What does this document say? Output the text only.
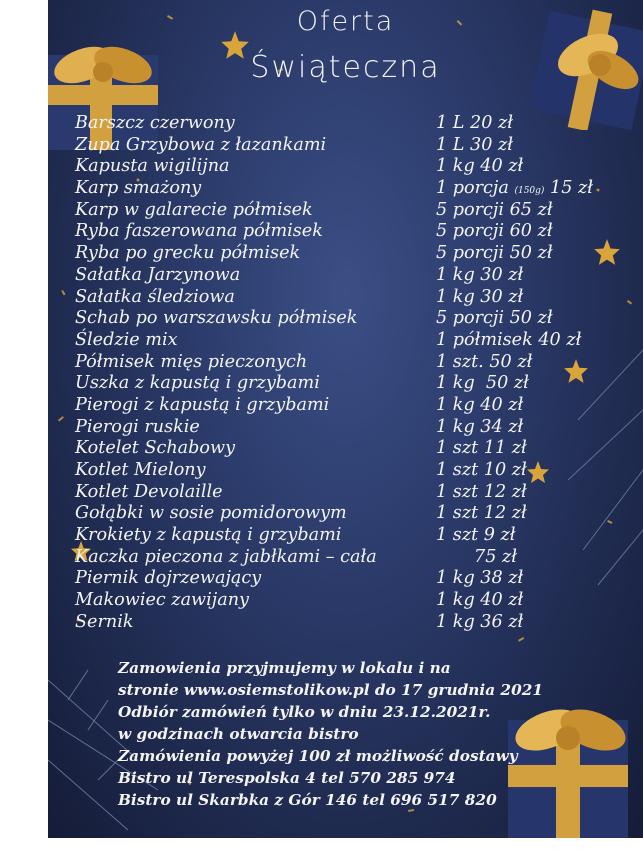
Oferta
Świąteczna
Barszcz czerwony	1 L 20 zł
Zupa Grzybowa z łazankami	1 L 30 zł
Kapusta wigilijna	1 kg 40 zł
Karp smażony	1 porcja (150g) 15 zł
Karp w galarecie półmisek	5 porcji 65 zł
Ryba faszerowana półmisek	5 porcji 60 zł
Ryba po grecku półmisek	5 porcji 50 zł
Sałatka Jarzynowa	1 kg 30 zł
Sałatka śledziowa	1 kg 30 zł
Schab po warszawsku półmisek	5 porcji 50 zł
Śledzie mix	1 półmisek 40 zł
Półmisek mięs pieczonych	1 szt. 50 zł
Uszka z kapustą i grzybami	1 kg  50 zł
Pierogi z kapustą i grzybami	1 kg 40 zł
Pierogi ruskie	1 kg 34 zł
Kotelet Schabowy	1 szt 11 zł
Kotlet Mielony	1 szt 10 zł
Kotlet Devolaille	1 szt 12 zł
Gołąbki w sosie pomidorowym	1 szt 12 zł
Krokiety z kapustą i grzybami	1 szt 9 zł
Kaczka pieczona z jabłkami – cała	75 zł
Piernik dojrzewający	1 kg 38 zł
Makowiec zawijany	1 kg 40 zł
Sernik	1 kg 36 zł
Zamowienia przyjmujemy w lokalu i na
stronie www.osiemstolikow.pl do 17 grudnia 2021
Odbiór zamówień tylko w dniu 23.12.2021r.
w godzinach otwarcia bistro
Zamówienia powyżej 100 zł możliwość dostawy
Bistro ul Terespolska 4 tel 570 285 974
Bistro ul Skarbka z Gór 146 tel 696 517 820
